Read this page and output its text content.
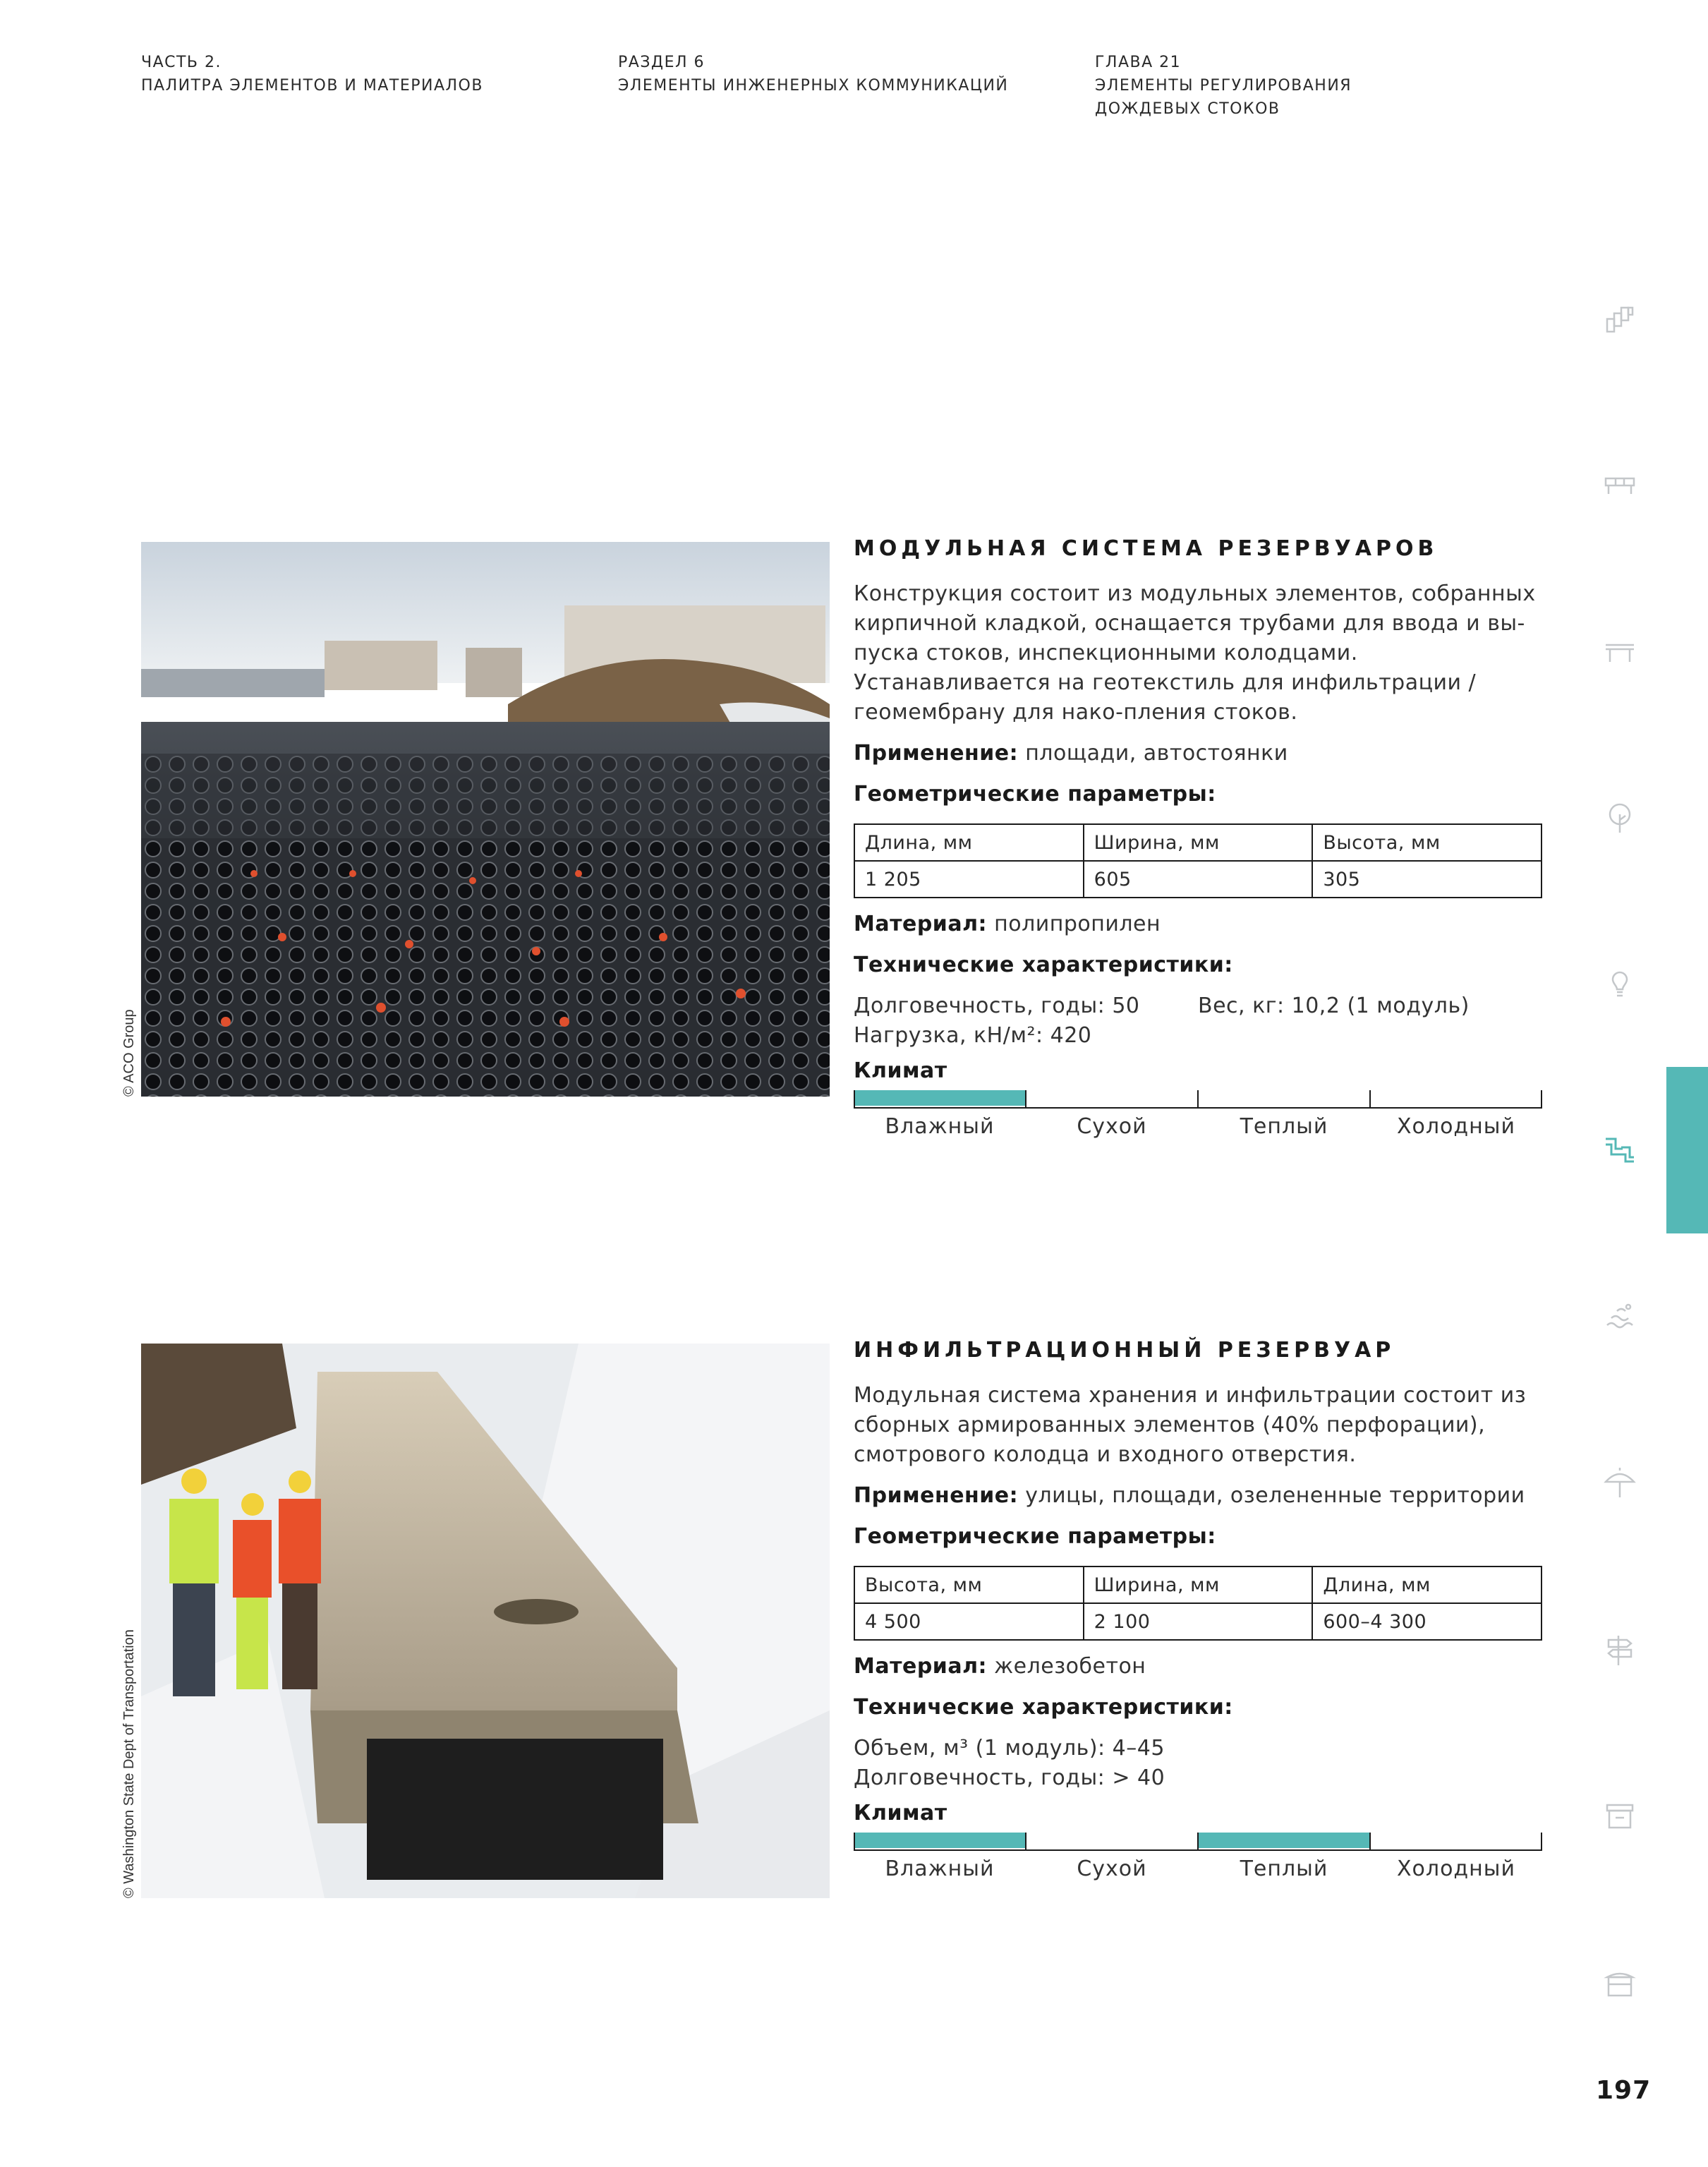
ЧАСТЬ 2.
ПАЛИТРА ЭЛЕМЕНТОВ И МАТЕРИАЛОВ
РАЗДЕЛ 6
ЭЛЕМЕНТЫ ИНЖЕНЕРНЫХ КОММУНИКАЦИЙ
ГЛАВА 21
ЭЛЕМЕНТЫ РЕГУЛИРОВАНИЯ
ДОЖДЕВЫХ СТОКОВ
© ACO Group
МОДУЛЬНАЯ СИСТЕМА РЕЗЕРВУАРОВ
Конструкция состоит из модульных элементов, собранных кирпичной кладкой, оснащается трубами для ввода и вы-пуска стоков, инспекционными колодцами. Устанавливается на геотекстиль для инфильтрации / геомембрану для нако-пления стоков.
Применение: площади, автостоянки
Геометрические параметры:
Длина, мм	Ширина, мм	Высота, мм
1 205	605	305
Материал: полипропилен
Технические характеристики:
Долговечность, годы: 50	Вес, кг: 10,2 (1 модуль)
Нагрузка, кН/м²: 420
Климат
Влажный	Сухой	Теплый	Холодный
© Washington State Dept of Transportation
ИНФИЛЬТРАЦИОННЫЙ РЕЗЕРВУАР
Модульная система хранения и инфильтрации состоит из сборных армированных элементов (40% перфорации), смотрового колодца и входного отверстия.
Применение: улицы, площади, озелененные территории
Геометрические параметры:
Высота, мм	Ширина, мм	Длина, мм
4 500	2 100	600–4 300
Материал: железобетон
Технические характеристики:
Объем, м³ (1 модуль): 4–45
Долговечность, годы: > 40
Климат
Влажный	Сухой	Теплый	Холодный
197
